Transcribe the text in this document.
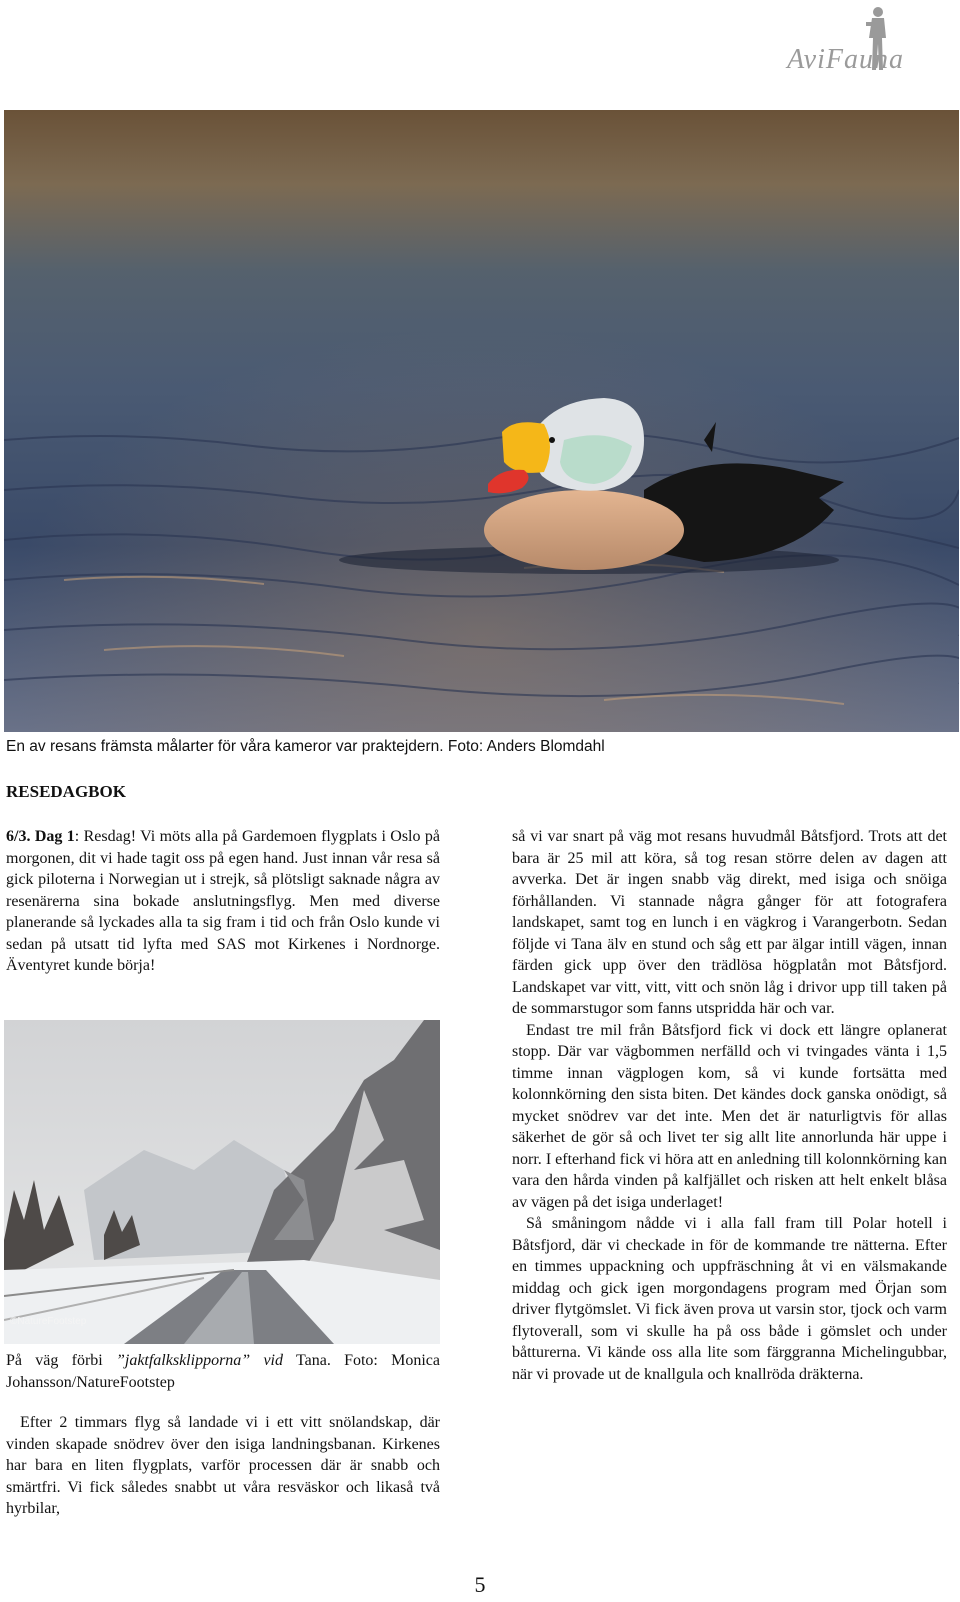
AviFauna
En av resans främsta målarter för våra kameror var praktejdern. Foto: Anders Blomdahl
RESEDAGBOK

6/3. Dag 1: Resdag! Vi möts alla på Gardemoen flygplats i Oslo på morgonen, dit vi hade tagit oss på egen hand. Just innan vår resa så gick piloterna i Norwegian ut i strejk, så plötsligt saknade några av resenärerna sina bokade anslutningsflyg. Men med diverse planerande så lyckades alla ta sig fram i tid och från Oslo kunde vi sedan på utsatt tid lyfta med SAS mot Kirkenes i Nordnorge. Äventyret kunde börja!

©NatureFootstep
På väg förbi ”jaktfalksklipporna” vid Tana. Foto: Monica Johansson/NatureFootstep

Efter 2 timmars flyg så landade vi i ett vitt snölandskap, där vinden skapade snödrev över den isiga landningsbanan. Kirkenes har bara en liten flygplats, varför processen där är snabb och smärtfri. Vi fick således snabbt ut våra resväskor och likaså två hyrbilar,

så vi var snart på väg mot resans huvudmål Båtsfjord. Trots att det bara är 25 mil att köra, så tog resan större delen av dagen att avverka. Det är ingen snabb väg direkt, med isiga och snöiga förhållanden. Vi stannade några gånger för att fotografera landskapet, samt tog en lunch i en vägkrog i Varangerbotn. Sedan följde vi Tana älv en stund och såg ett par älgar intill vägen, innan färden gick upp över den trädlösa högplatån mot Båtsfjord. Landskapet var vitt, vitt, vitt och snön låg i drivor upp till taken på de sommarstugor som fanns utspridda här och var.

Endast tre mil från Båtsfjord fick vi dock ett längre oplanerat stopp. Där var vägbommen nerfälld och vi tvingades vänta i 1,5 timme innan vägplogen kom, så vi kunde fortsätta med kolonnkörning den sista biten. Det kändes dock ganska onödigt, så mycket snödrev var det inte. Men det är naturligtvis för allas säkerhet de gör så och livet ter sig allt lite annorlunda här uppe i norr. I efterhand fick vi höra att en anledning till kolonnkörning kan vara den hårda vinden på kalfjället och risken att helt enkelt blåsa av vägen på det isiga underlaget!

Så småningom nådde vi i alla fall fram till Polar hotell i Båtsfjord, där vi checkade in för de kommande tre nätterna. Efter en timmes uppackning och uppfräschning åt vi en välsmakande middag och gick igen morgondagens program med Örjan som driver flytgömslet. Vi fick även prova ut varsin stor, tjock och varm flytoverall, som vi skulle ha på oss både i gömslet och under båtturerna. Vi kände oss alla lite som färggranna Michelingubbar, när vi provade ut de knallgula och knallröda dräkterna.

5
